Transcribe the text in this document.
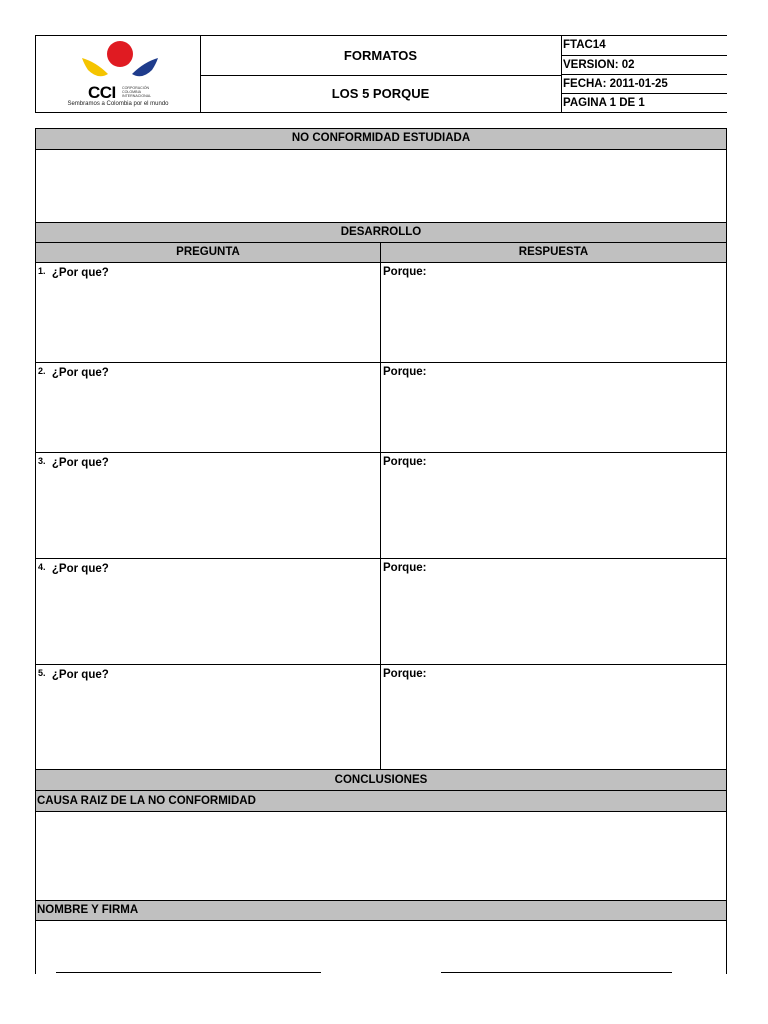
CCI CORPORACIÓN COLOMBIA INTERNACIONAL
Sembramos a Colombia por el mundo
FORMATOS
LOS 5 PORQUE
FTAC14
VERSION: 02
FECHA: 2011-01-25
PAGINA 1 DE 1
NO CONFORMIDAD ESTUDIADA
DESARROLLO
PREGUNTA	RESPUESTA
$^{1.}$ ¿Por que?	Porque:
$^{2.}$ ¿Por que?	Porque:
$^{3.}$ ¿Por que?	Porque:
$^{4.}$ ¿Por que?	Porque:
$^{5.}$ ¿Por que?	Porque:
CONCLUSIONES
CAUSA RAIZ DE LA NO CONFORMIDAD
NOMBRE Y FIRMA
